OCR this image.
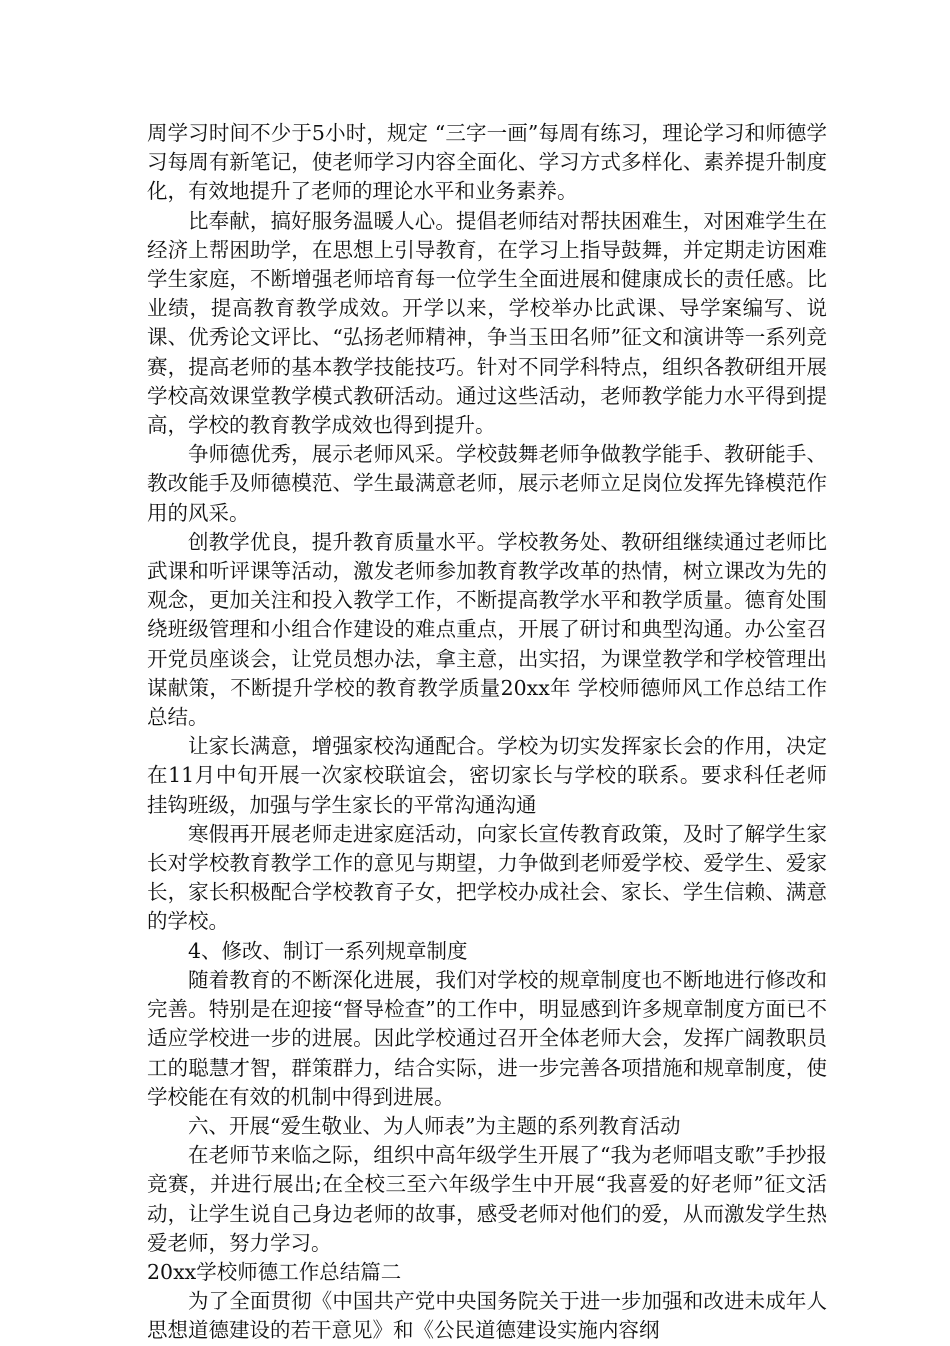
周学习时间不少于5小时，规定 “三字一画”每周有练习，理论学习和师德学习每周有新笔记，使老师学习内容全面化、学习方式多样化、素养提升制度化，有效地提升了老师的理论水平和业务素养。

比奉献，搞好服务温暖人心。提倡老师结对帮扶困难生，对困难学生在经济上帮困助学，在思想上引导教育，在学习上指导鼓舞，并定期走访困难学生家庭，不断增强老师培育每一位学生全面进展和健康成长的责任感。比业绩，提高教育教学成效。开学以来，学校举办比武课、导学案编写、说课、优秀论文评比、“弘扬老师精神，争当玉田名师”征文和演讲等一系列竞赛，提高老师的基本教学技能技巧。针对不同学科特点，组织各教研组开展学校高效课堂教学模式教研活动。通过这些活动，老师教学能力水平得到提高，学校的教育教学成效也得到提升。

争师德优秀，展示老师风采。学校鼓舞老师争做教学能手、教研能手、教改能手及师德模范、学生最满意老师，展示老师立足岗位发挥先锋模范作用的风采。

创教学优良，提升教育质量水平。学校教务处、教研组继续通过老师比武课和听评课等活动，激发老师参加教育教学改革的热情，树立课改为先的观念，更加关注和投入教学工作，不断提高教学水平和教学质量。德育处围绕班级管理和小组合作建设的难点重点，开展了研讨和典型沟通。办公室召开党员座谈会，让党员想办法，拿主意，出实招，为课堂教学和学校管理出谋献策，不断提升学校的教育教学质量20xx年 学校师德师风工作总结工作总结。

让家长满意，增强家校沟通配合。学校为切实发挥家长会的作用，决定在11月中旬开展一次家校联谊会，密切家长与学校的联系。要求科任老师挂钩班级，加强与学生家长的平常沟通沟通

寒假再开展老师走进家庭活动，向家长宣传教育政策，及时了解学生家长对学校教育教学工作的意见与期望，力争做到老师爱学校、爱学生、爱家长，家长积极配合学校教育子女，把学校办成社会、家长、学生信赖、满意的学校。

4、修改、制订一系列规章制度

随着教育的不断深化进展，我们对学校的规章制度也不断地进行修改和完善。特别是在迎接“督导检查”的工作中，明显感到许多规章制度方面已不适应学校进一步的进展。因此学校通过召开全体老师大会，发挥广阔教职员工的聪慧才智，群策群力，结合实际，进一步完善各项措施和规章制度，使学校能在有效的机制中得到进展。

六、开展“爱生敬业、为人师表”为主题的系列教育活动

在老师节来临之际，组织中高年级学生开展了“我为老师唱支歌”手抄报竞赛，并进行展出;在全校三至六年级学生中开展“我喜爱的好老师”征文活动，让学生说自己身边老师的故事，感受老师对他们的爱，从而激发学生热爱老师，努力学习。

20xx学校师德工作总结篇二

为了全面贯彻《中国共产党中央国务院关于进一步加强和改进未成年人思想道德建设的若干意见》和《公民道德建设实施内容纲
